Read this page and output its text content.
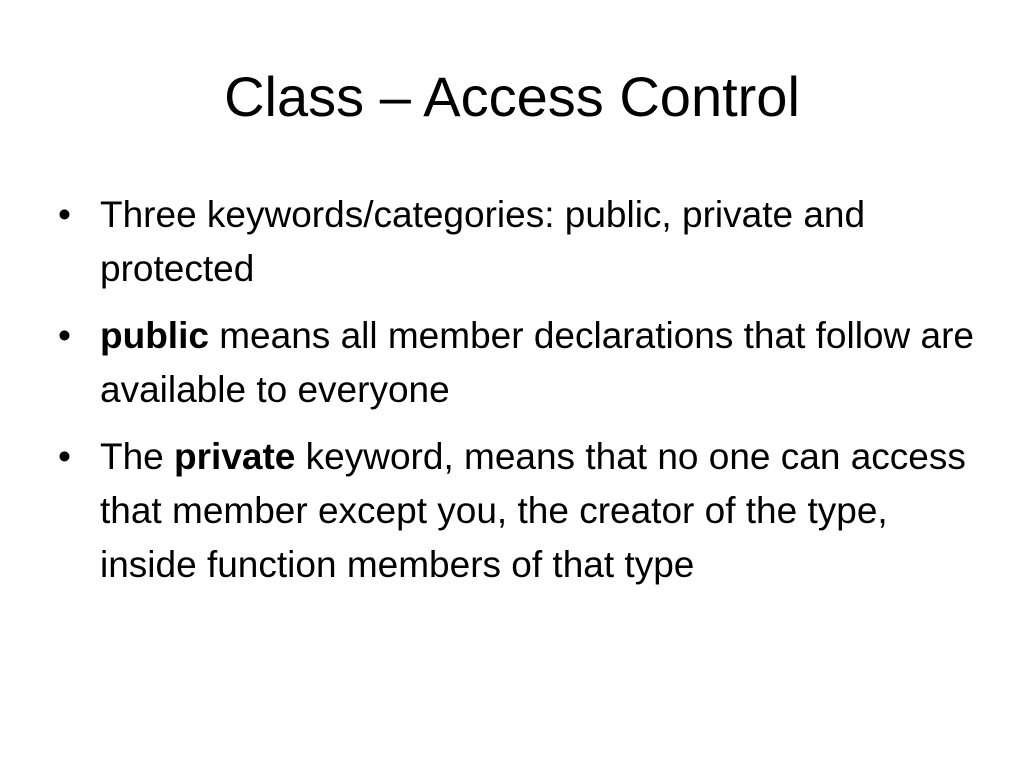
Class – Access Control
• Three keywords/categories: public, private and protected
• public means all member declarations that follow are available to everyone
• The private keyword, means that no one can access that member except you, the creator of the type, inside function members of that type
